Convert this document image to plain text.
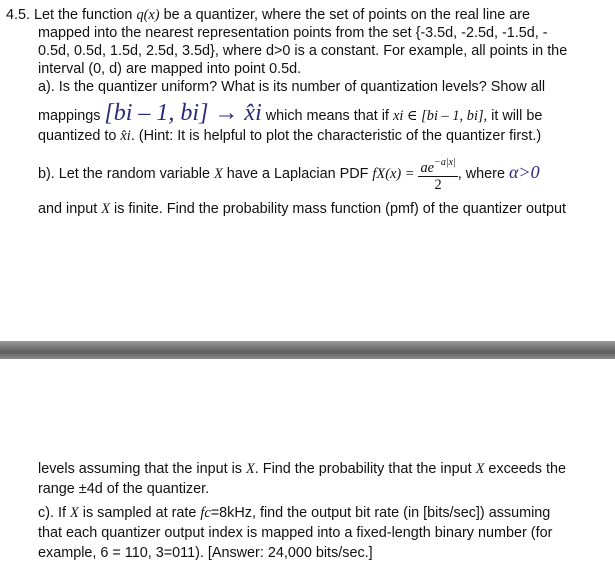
4.5. Let the function q(x) be a quantizer, where the set of points on the real line are
mapped into the nearest representation points from the set {-3.5d, -2.5d, -1.5d, -
0.5d, 0.5d, 1.5d, 2.5d, 3.5d}, where d>0 is a constant. For example, all points in the
interval (0, d) are mapped into point 0.5d.
a). Is the quantizer uniform? What is its number of quantization levels? Show all
mappings [bi – 1, bi] → x̂i which means that if xi ∈ [bi – 1, bi], it will be
quantized to x̂i. (Hint: It is helpful to plot the characteristic of the quantizer first.)
b). Let the random variable X have a Laplacian PDF $fX(x) = \frac{ae^{-a|x|}}{2}$ , where α>0
and input X is finite. Find the probability mass function (pmf) of the quantizer output
levels assuming that the input is X. Find the probability that the input X exceeds the
range ±4d of the quantizer.
c). If X is sampled at rate fc=8kHz, find the output bit rate (in [bits/sec]) assuming
that each quantizer output index is mapped into a fixed-length binary number (for
example, 6 = 110, 3=011). [Answer: 24,000 bits/sec.]
